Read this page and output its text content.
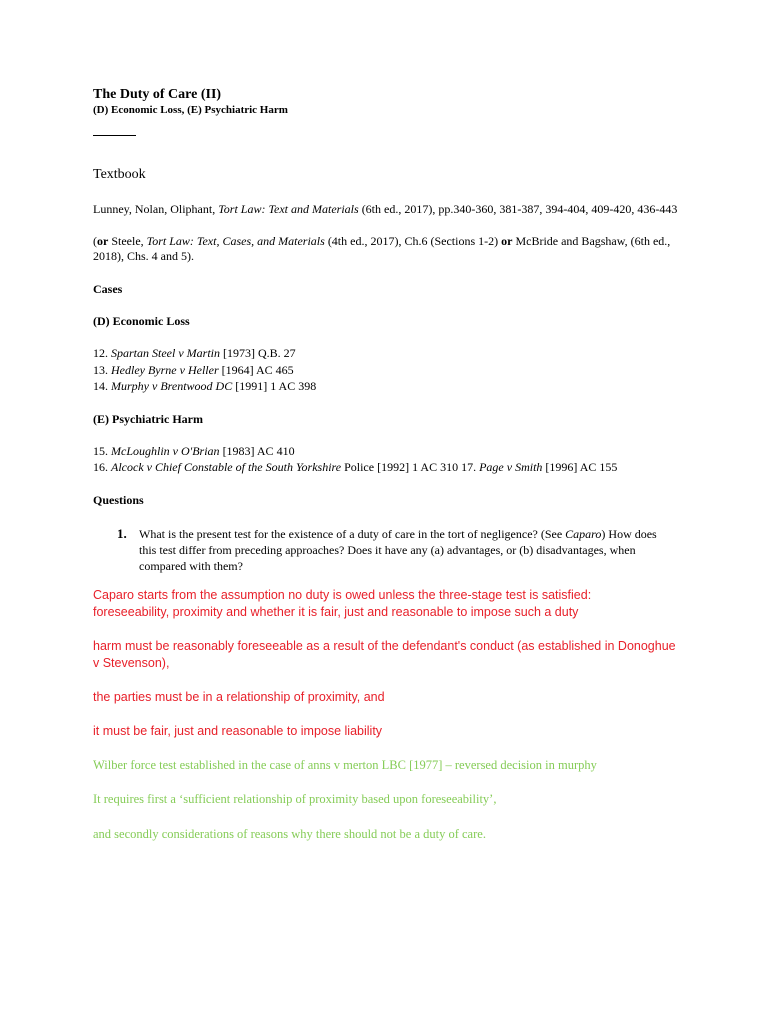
The Duty of Care (II)
(D) Economic Loss, (E) Psychiatric Harm
Textbook
Lunney, Nolan, Oliphant, Tort Law: Text and Materials (6th ed., 2017), pp.340-360, 381-387, 394-404, 409-420, 436-443
(or Steele, Tort Law: Text, Cases, and Materials (4th ed., 2017), Ch.6 (Sections 1-2) or McBride and Bagshaw, (6th ed., 2018), Chs. 4 and 5).
Cases
(D) Economic Loss
12. Spartan Steel v Martin [1973] Q.B. 27
13. Hedley Byrne v Heller [1964] AC 465
14. Murphy v Brentwood DC [1991] 1 AC 398
(E) Psychiatric Harm
15. McLoughlin v O'Brian [1983] AC 410
16. Alcock v Chief Constable of the South Yorkshire Police [1992] 1 AC 310 17. Page v Smith [1996] AC 155
Questions
1. What is the present test for the existence of a duty of care in the tort of negligence? (See Caparo) How does this test differ from preceding approaches? Does it have any (a) advantages, or (b) disadvantages, when compared with them?
Caparo starts from the assumption no duty is owed unless the three-stage test is satisfied: foreseeability, proximity and whether it is fair, just and reasonable to impose such a duty
harm must be reasonably foreseeable as a result of the defendant's conduct (as established in Donoghue v Stevenson),
the parties must be in a relationship of proximity, and
it must be fair, just and reasonable to impose liability
Wilber force test established in the case of anns v merton LBC [1977] – reversed decision in murphy
It requires first a ‘sufficient relationship of proximity based upon foreseeability’,
and secondly considerations of reasons why there should not be a duty of care.
